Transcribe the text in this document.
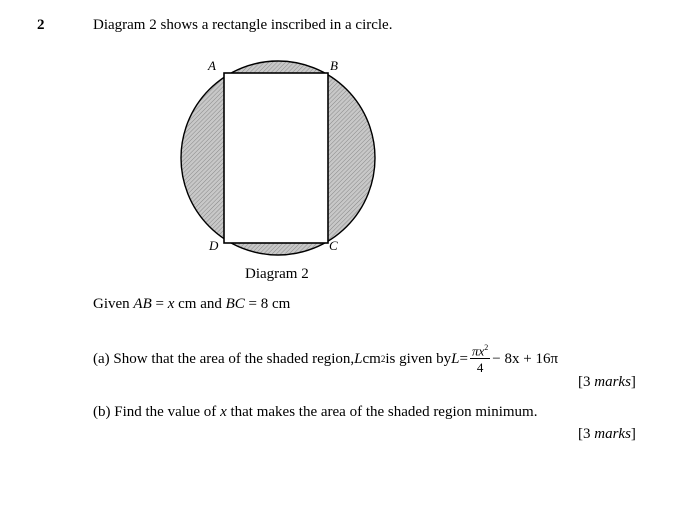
2	Diagram 2 shows a rectangle inscribed in a circle.
A	B
C
D
Diagram 2
Given AB = x cm and BC = 8 cm
(a) Show that the area of the shaded region, L cm 2 is given by $L = \frac{\pi x^2}{4} - 8x + 16\pi$
[3 marks]
(b) Find the value of x that makes the area of the shaded region minimum.
[3 marks]
